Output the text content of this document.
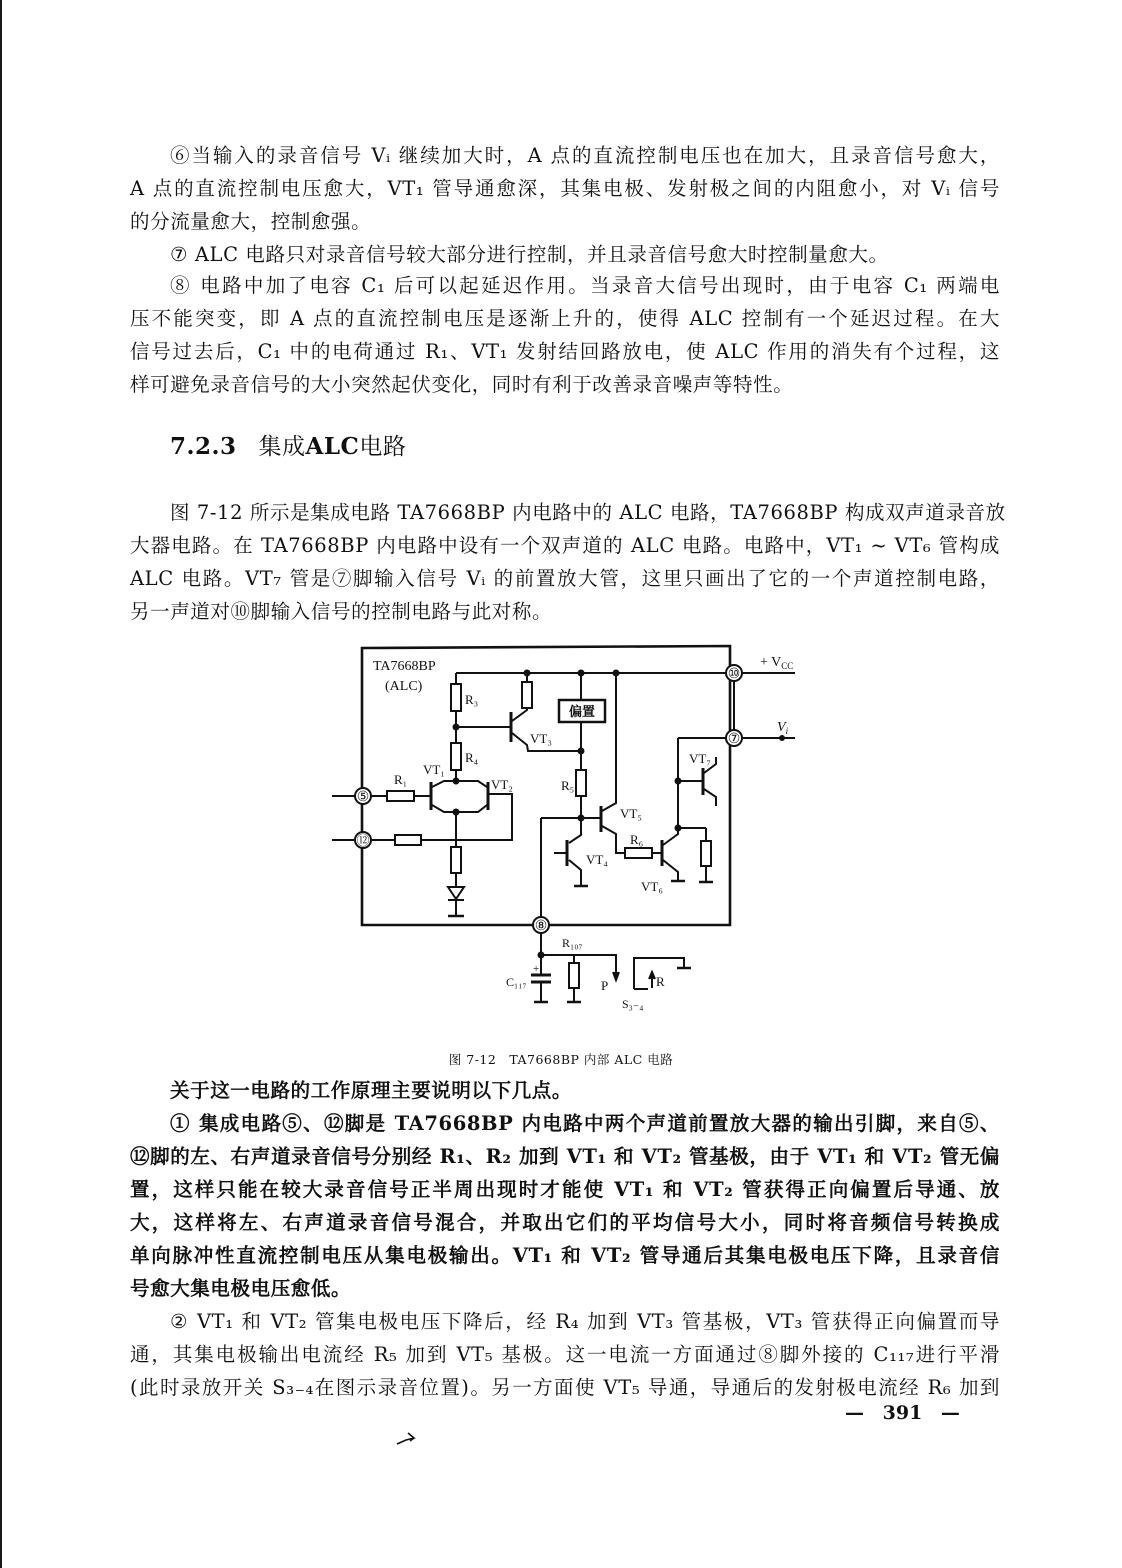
⑥当输入的录音信号 Vᵢ 继续加大时，A 点的直流控制电压也在加大，且录音信号愈大，
A 点的直流控制电压愈大，VT₁ 管导通愈深，其集电极、发射极之间的内阻愈小，对 Vᵢ 信号
的分流量愈大，控制愈强。
⑦ ALC 电路只对录音信号较大部分进行控制，并且录音信号愈大时控制量愈大。
⑧ 电路中加了电容 C₁ 后可以起延迟作用。当录音大信号出现时，由于电容 C₁ 两端电
压不能突变，即 A 点的直流控制电压是逐渐上升的，使得 ALC 控制有一个延迟过程。在大
信号过去后，C₁ 中的电荷通过 R₁、VT₁ 发射结回路放电，使 ALC 作用的消失有个过程，这
样可避免录音信号的大小突然起伏变化，同时有利于改善录音噪声等特性。
7.2.3 集成ALC电路
图 7-12 所示是集成电路 TA7668BP 内电路中的 ALC 电路，TA7668BP 构成双声道录音放
大器电路。在 TA7668BP 内电路中设有一个双声道的 ALC 电路。电路中，VT₁ ~ VT₆ 管构成
ALC 电路。VT₇ 管是⑦脚输入信号 Vᵢ 的前置放大管，这里只画出了它的一个声道控制电路，
另一声道对⑩脚输入信号的控制电路与此对称。
TA7668BP
(ALC)
⑩
+ $V_{CC}$
R₃
R₄
VT₃
偏置
R₅
VT₅
VT₄
R₆
VT₆
VT₇
⑦
$V_i$
⑤
R₁
VT₁
VT₂
⑫
⑧
+
C₁₁₇
R₁₀₇
P	R
S₃₋₄
图 7-12　TA7668BP 内部 ALC 电路
关于这一电路的工作原理主要说明以下几点。
① 集成电路⑤、⑫脚是 TA7668BP 内电路中两个声道前置放大器的输出引脚，来自⑤、
⑫脚的左、右声道录音信号分别经 R₁、R₂ 加到 VT₁ 和 VT₂ 管基极，由于 VT₁ 和 VT₂ 管无偏
置，这样只能在较大录音信号正半周出现时才能使 VT₁ 和 VT₂ 管获得正向偏置后导通、放
大，这样将左、右声道录音信号混合，并取出它们的平均信号大小，同时将音频信号转换成
单向脉冲性直流控制电压从集电极输出。VT₁ 和 VT₂ 管导通后其集电极电压下降，且录音信
号愈大集电极电压愈低。
② VT₁ 和 VT₂ 管集电极电压下降后，经 R₄ 加到 VT₃ 管基极，VT₃ 管获得正向偏置而导
通，其集电极输出电流经 R₅ 加到 VT₅ 基极。这一电流一方面通过⑧脚外接的 C₁₁₇进行平滑
(此时录放开关 S₃₋₄在图示录音位置)。另一方面使 VT₅ 导通，导通后的发射极电流经 R₆ 加到
— 391 —
